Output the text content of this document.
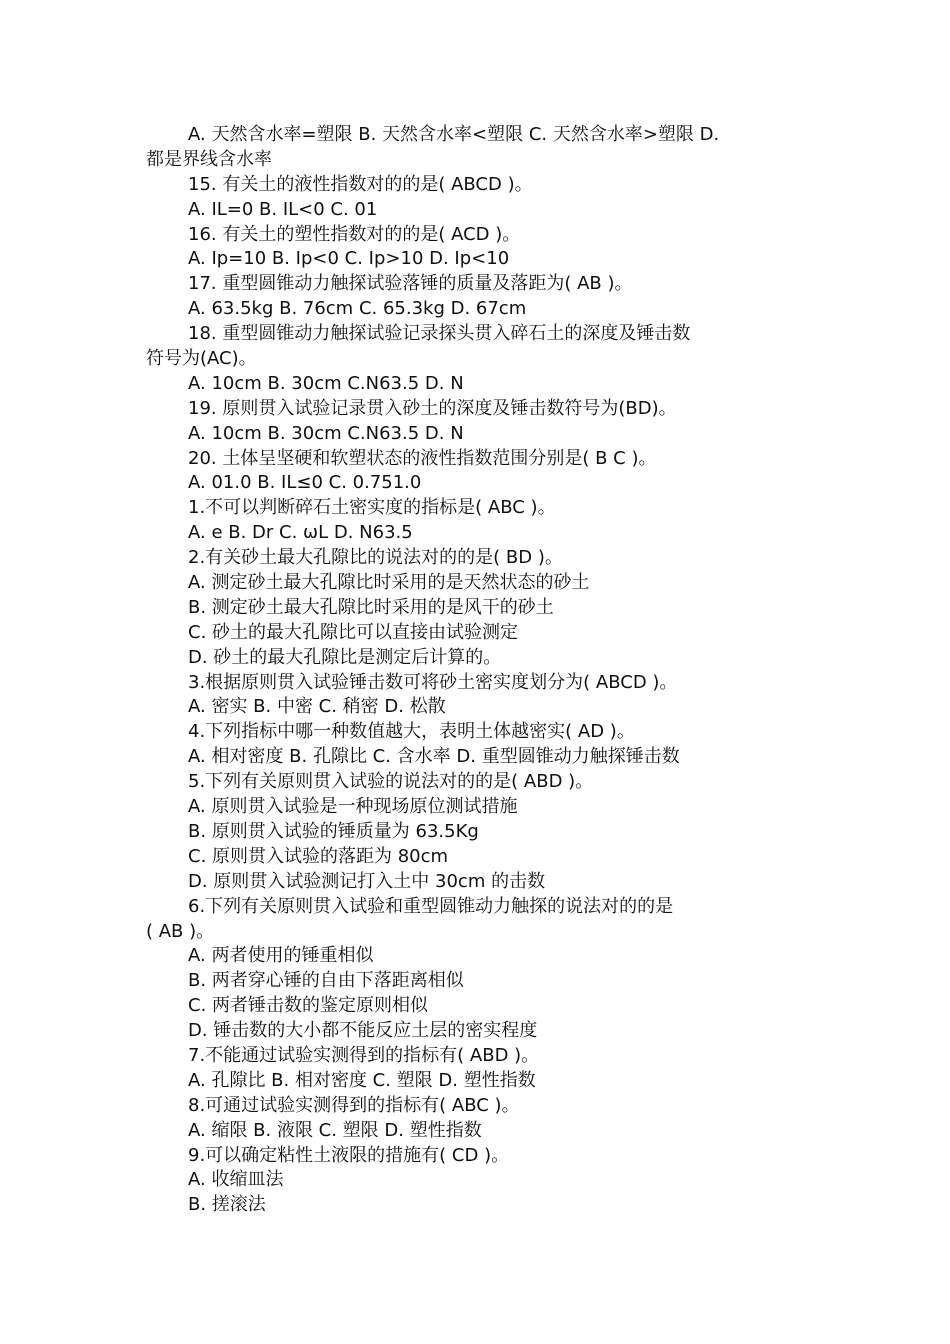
A. 天然含水率=塑限 B. 天然含水率<塑限 C. 天然含水率>塑限 D.
都是界线含水率
15. 有关土的液性指数对的的是( ABCD )。
A. IL=0 B. IL<0 C. 01
16. 有关土的塑性指数对的的是( ACD )。
A. Ip=10 B. Ip<0 C. Ip>10 D. Ip<10
17. 重型圆锥动力触探试验落锤的质量及落距为( AB )。
A. 63.5kg B. 76cm C. 65.3kg D. 67cm
18. 重型圆锥动力触探试验记录探头贯入碎石土的深度及锤击数
符号为(AC)。
A. 10cm B. 30cm C.N63.5 D. N
19. 原则贯入试验记录贯入砂土的深度及锤击数符号为(BD)。
A. 10cm B. 30cm C.N63.5 D. N
20. 土体呈坚硬和软塑状态的液性指数范围分别是( B C )。
A. 01.0 B. IL≤0 C. 0.751.0
1.不可以判断碎石土密实度的指标是( ABC )。
A. e B. Dr C. ωL D. N63.5
2.有关砂土最大孔隙比的说法对的的是( BD )。
A. 测定砂土最大孔隙比时采用的是天然状态的砂土
B. 测定砂土最大孔隙比时采用的是风干的砂土
C. 砂土的最大孔隙比可以直接由试验测定
D. 砂土的最大孔隙比是测定后计算的。
3.根据原则贯入试验锤击数可将砂土密实度划分为( ABCD )。
A. 密实 B. 中密 C. 稍密 D. 松散
4.下列指标中哪一种数值越大，表明土体越密实( AD )。
A. 相对密度 B. 孔隙比 C. 含水率 D. 重型圆锥动力触探锤击数
5.下列有关原则贯入试验的说法对的的是( ABD )。
A. 原则贯入试验是一种现场原位测试措施
B. 原则贯入试验的锤质量为 63.5Kg
C. 原则贯入试验的落距为 80cm
D. 原则贯入试验测记打入土中 30cm 的击数
6.下列有关原则贯入试验和重型圆锥动力触探的说法对的的是
( AB )。
A. 两者使用的锤重相似
B. 两者穿心锤的自由下落距离相似
C. 两者锤击数的鉴定原则相似
D. 锤击数的大小都不能反应土层的密实程度
7.不能通过试验实测得到的指标有( ABD )。
A. 孔隙比 B. 相对密度 C. 塑限 D. 塑性指数
8.可通过试验实测得到的指标有( ABC )。
A. 缩限 B. 液限 C. 塑限 D. 塑性指数
9.可以确定粘性土液限的措施有( CD )。
A. 收缩皿法
B. 搓滚法
